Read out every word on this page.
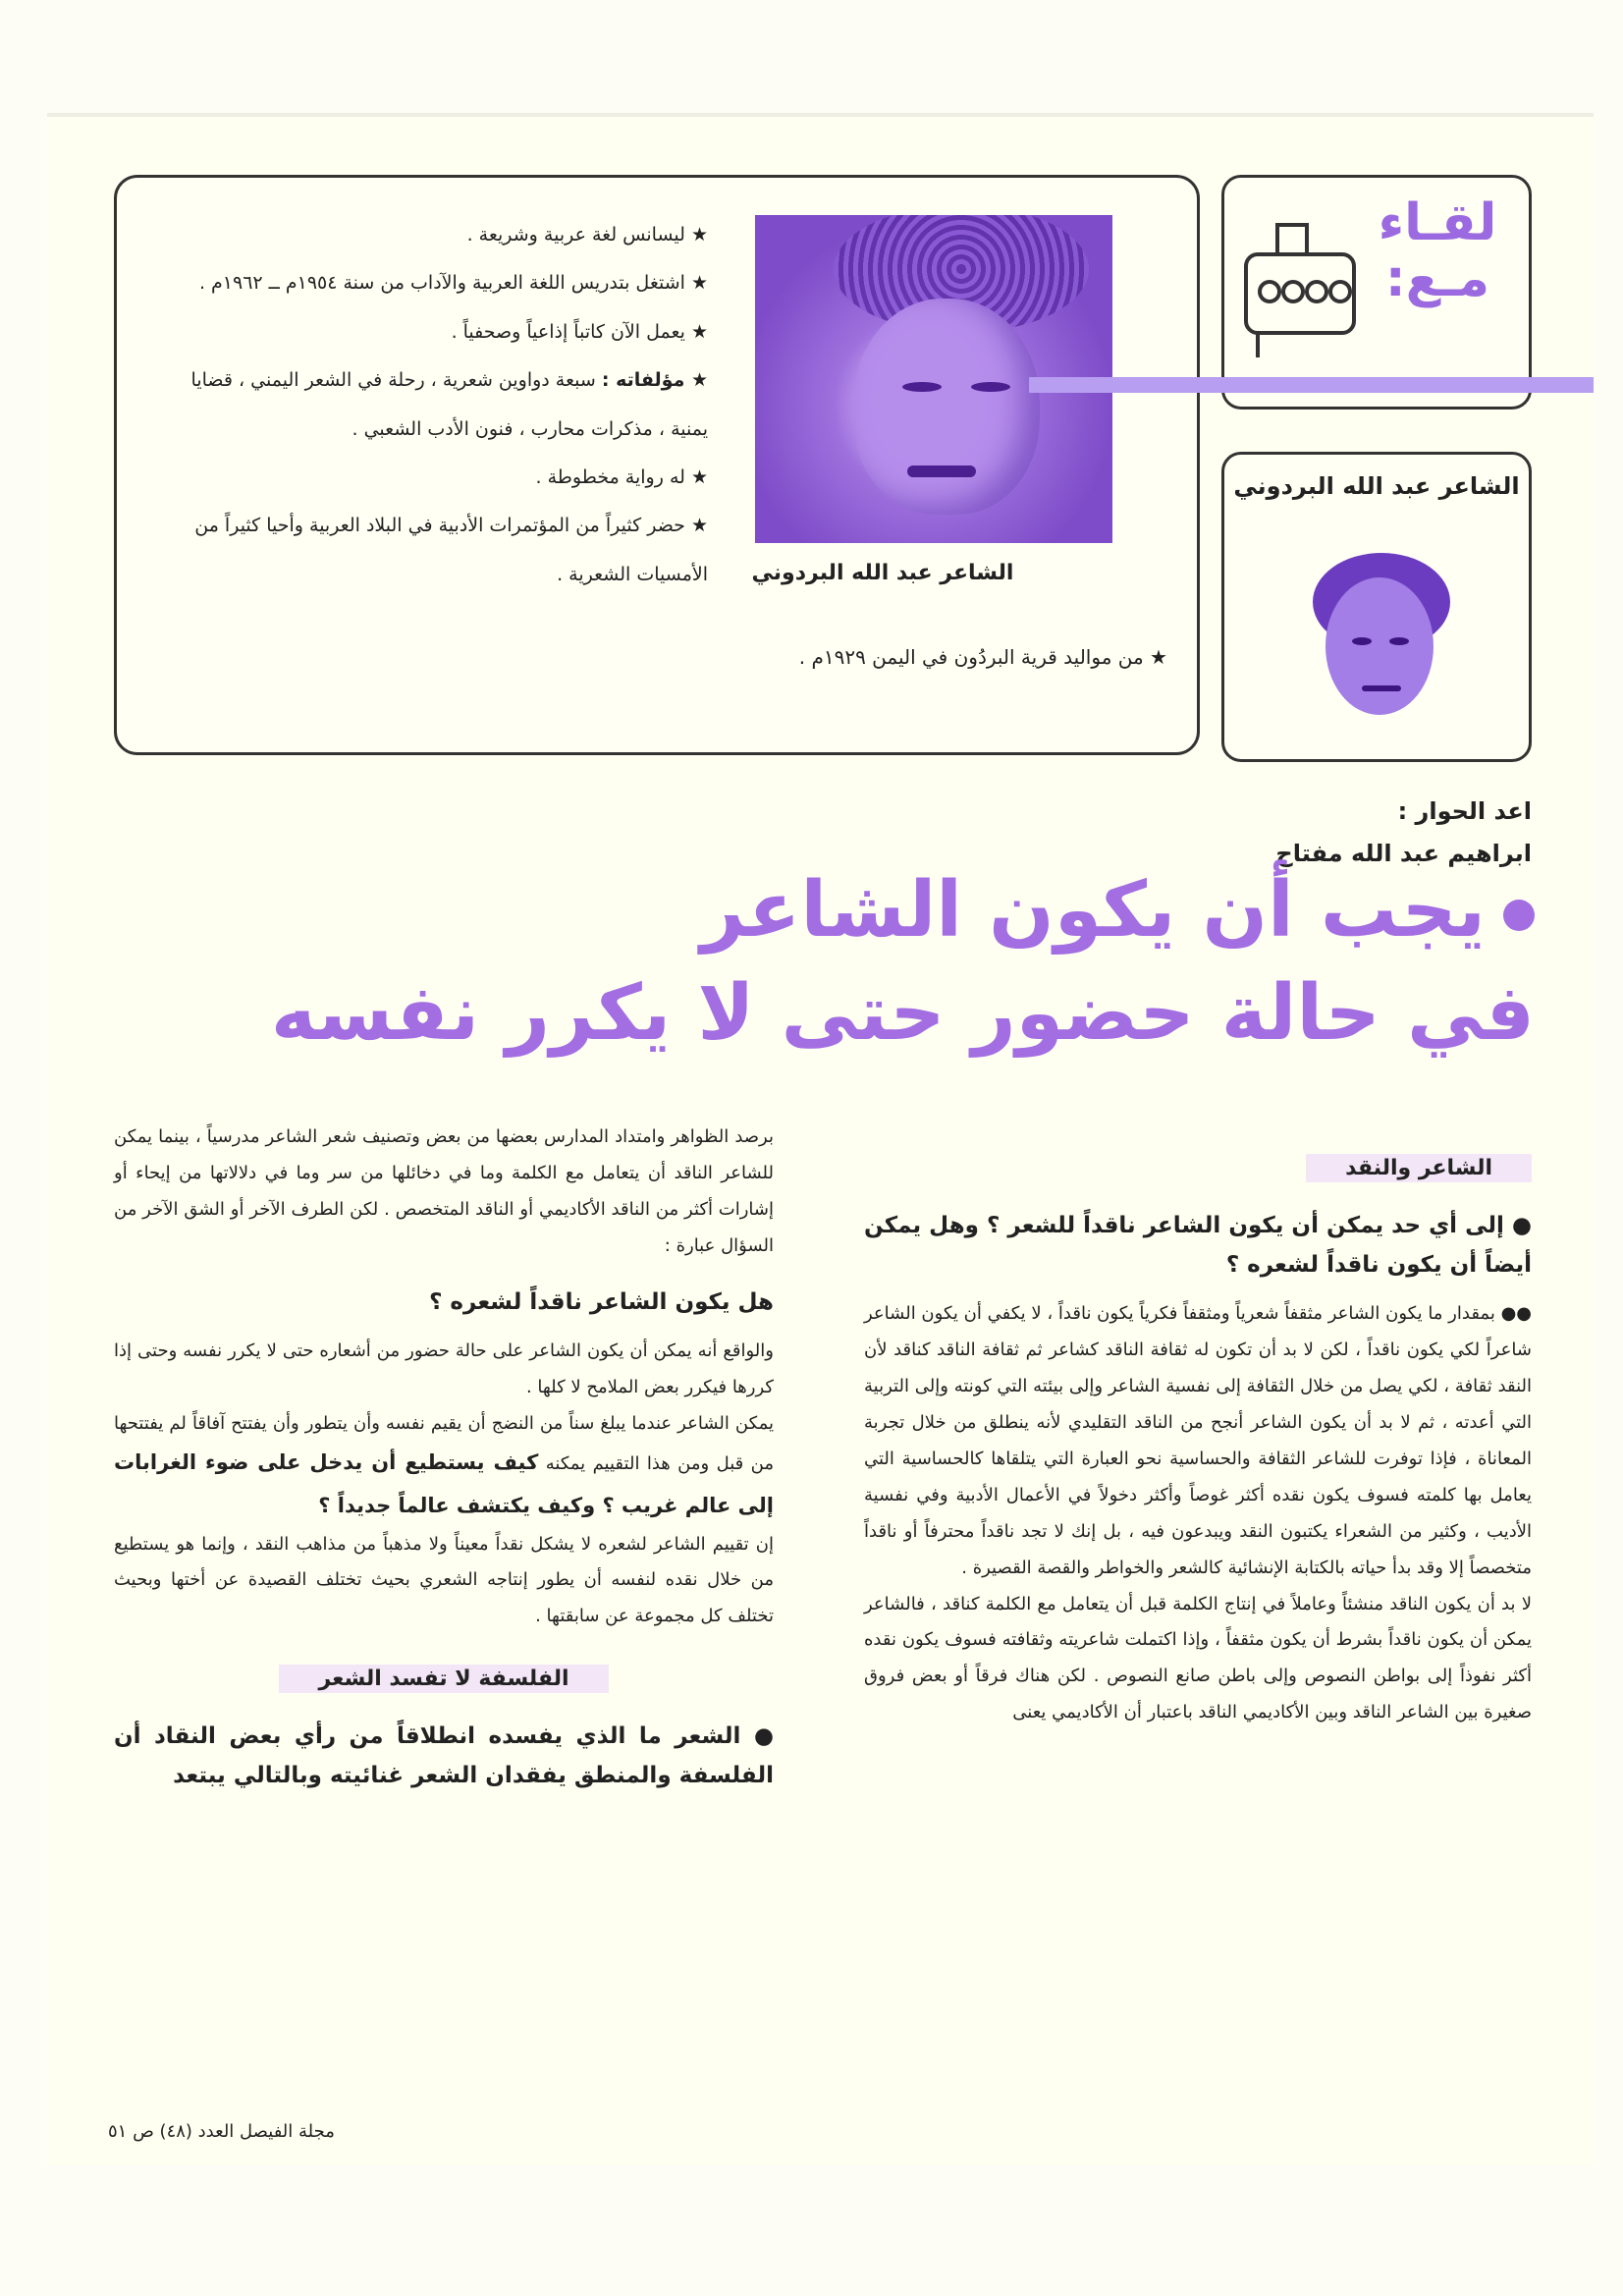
الشاعر عبد الله البردوني
★ من مواليد قرية البردُون في اليمن ١٩٢٩م .

★ ليسانس لغة عربية وشريعة .

★ اشتغل بتدريس اللغة العربية والآداب من سنة ١٩٥٤م ــ ١٩٦٢م .

★ يعمل الآن كاتباً إذاعياً وصحفياً .

★ مؤلفاته : سبعة دواوين شعرية ، رحلة في الشعر اليمني ، قضايا يمنية ، مذكرات محارب ، فنون الأدب الشعبي .

★ له رواية مخطوطة .

★ حضر كثيراً من المؤتمرات الأدبية في البلاد العربية وأحيا كثيراً من الأمسيات الشعرية .

لقـاء
مـع:
الشاعر عبد الله البردوني
اعد الحوار :
ابراهيم عبد الله مفتاح
يجب أن يكون الشاعر
في حالة حضور حتى لا يكرر نفسه
الشاعر والنقد
● إلى أي حد يمكن أن يكون الشاعر ناقداً للشعر ؟ وهل يمكن أيضاً أن يكون ناقداً لشعره ؟

●● بمقدار ما يكون الشاعر مثقفاً شعرياً ومثقفاً فكرياً يكون ناقداً ، لا يكفي أن يكون الشاعر شاعراً لكي يكون ناقداً ، لكن لا بد أن تكون له ثقافة الناقد كشاعر ثم ثقافة الناقد كناقد لأن النقد ثقافة ، لكي يصل من خلال الثقافة إلى نفسية الشاعر وإلى بيئته التي كونته وإلى التربية التي أعدته ، ثم لا بد أن يكون الشاعر أنجح من الناقد التقليدي لأنه ينطلق من خلال تجربة المعاناة ، فإذا توفرت للشاعر الثقافة والحساسية نحو العبارة التي يتلقاها كالحساسية التي يعامل بها كلمته فسوف يكون نقده أكثر غوصاً وأكثر دخولاً في الأعمال الأدبية وفي نفسية الأديب ، وكثير من الشعراء يكتبون النقد ويبدعون فيه ، بل إنك لا تجد ناقداً محترفاً أو ناقداً متخصصاً إلا وقد بدأ حياته بالكتابة الإنشائية كالشعر والخواطر والقصة القصيرة .

لا بد أن يكون الناقد منشئاً وعاملاً في إنتاج الكلمة قبل أن يتعامل مع الكلمة كناقد ، فالشاعر يمكن أن يكون ناقداً بشرط أن يكون مثقفاً ، وإذا اكتملت شاعريته وثقافته فسوف يكون نقده أكثر نفوذاً إلى بواطن النصوص وإلى باطن صانع النصوص . لكن هناك فرقاً أو بعض فروق صغيرة بين الشاعر الناقد وبين الأكاديمي الناقد باعتبار أن الأكاديمي يعنى

برصد الظواهر وامتداد المدارس بعضها من بعض وتصنيف شعر الشاعر مدرسياً ، بينما يمكن للشاعر الناقد أن يتعامل مع الكلمة وما في دخائلها من سر وما في دلالاتها من إيحاء أو إشارات أكثر من الناقد الأكاديمي أو الناقد المتخصص . لكن الطرف الآخر أو الشق الآخر من السؤال عبارة :

هل يكون الشاعر ناقداً لشعره ؟

والواقع أنه يمكن أن يكون الشاعر على حالة حضور من أشعاره حتى لا يكرر نفسه وحتى إذا كررها فيكرر بعض الملامح لا كلها .

يمكن الشاعر عندما يبلغ سناً من النضج أن يقيم نفسه وأن يتطور وأن يفتتح آفاقاً لم يفتتحها من قبل ومن هذا التقييم يمكنه كيف يستطيع أن يدخل على ضوء الغرابات إلى عالم غريب ؟ وكيف يكتشف عالماً جديداً ؟

إن تقييم الشاعر لشعره لا يشكل نقداً معيناً ولا مذهباً من مذاهب النقد ، وإنما هو يستطيع من خلال نقده لنفسه أن يطور إنتاجه الشعري بحيث تختلف القصيدة عن أختها وبحيث تختلف كل مجموعة عن سابقتها .

الفلسفة لا تفسد الشعر
● الشعر ما الذي يفسده انطلاقاً من رأي بعض النقاد أن الفلسفة والمنطق يفقدان الشعر غنائيته وبالتالي يبتعد
مجلة الفيصل العدد (٤٨) ص ٥١
